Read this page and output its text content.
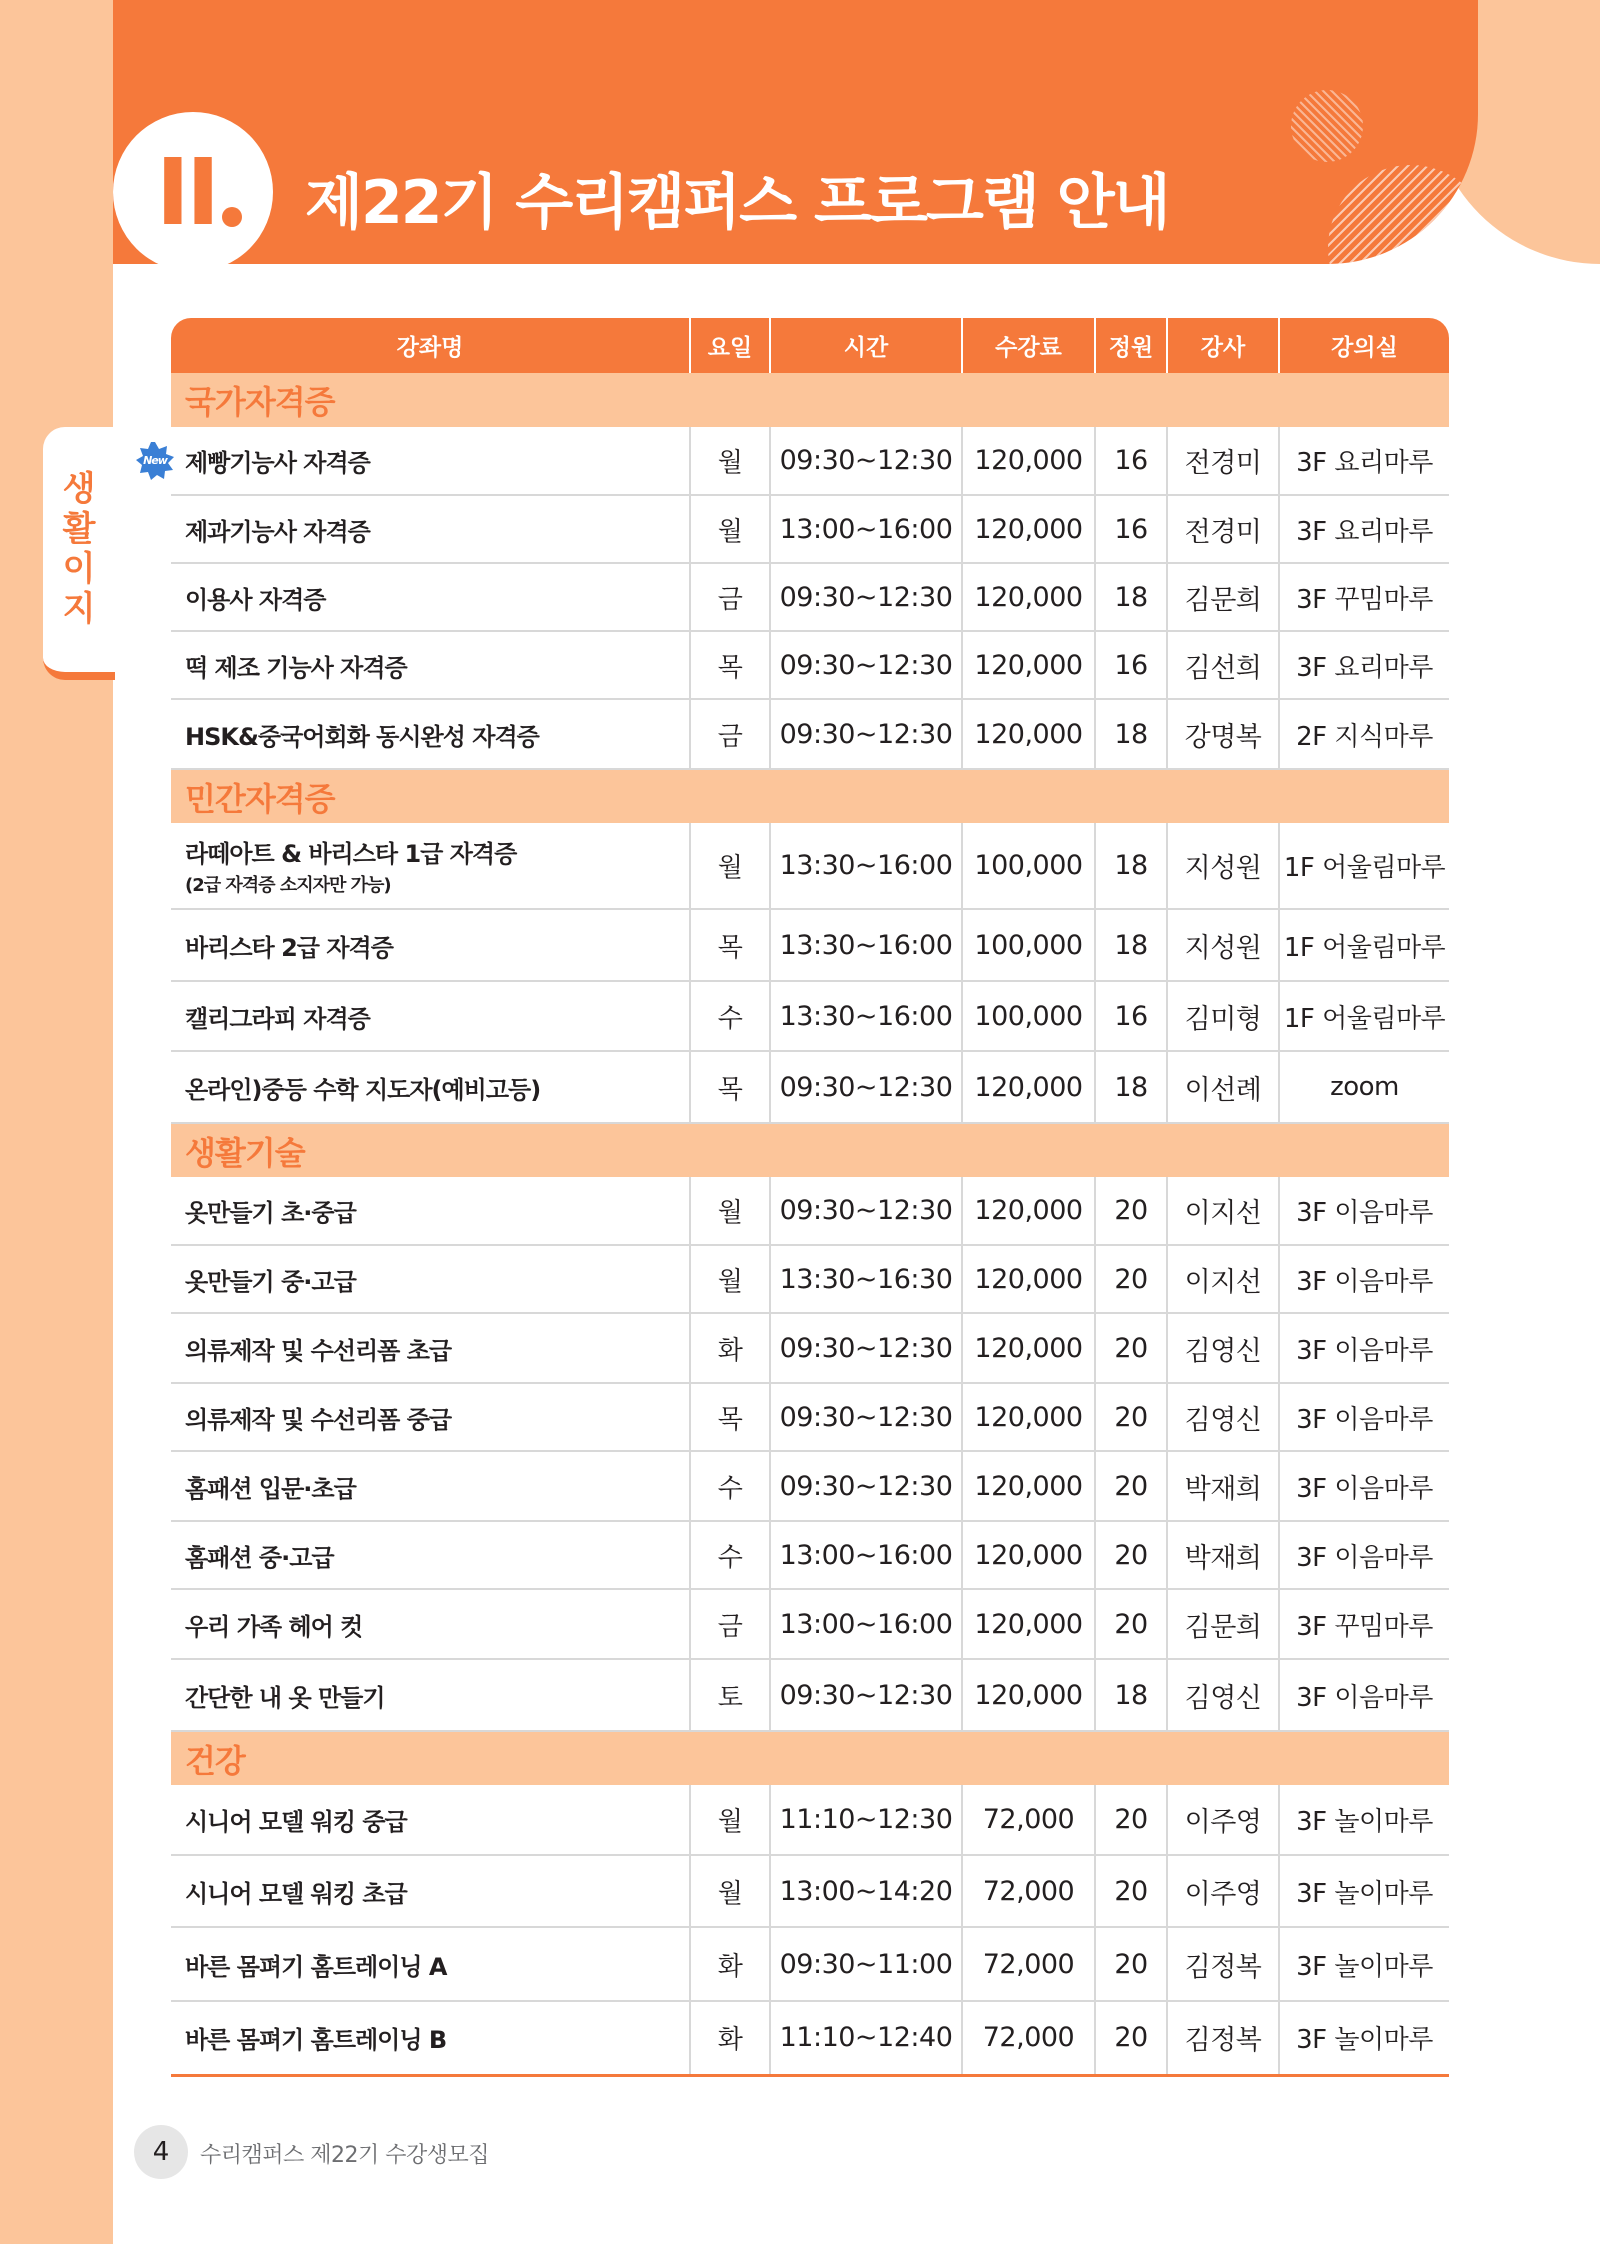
II 제22기 수리캠퍼스 프로그램 안내
생
활
이
지
강좌명	요일	시간	수강료	정원	강사	강의실
국가자격증						

New 제빵기능사 자격증	월	09:30~12:30	120,000	16	전경미	3F 요리마루
제과기능사 자격증	월	13:00~16:00	120,000	16	전경미	3F 요리마루
이용사 자격증	금	09:30~12:30	120,000	18	김문희	3F 꾸밈마루
떡 제조 기능사 자격증	목	09:30~12:30	120,000	16	김선희	3F 요리마루
HSK&중국어회화 동시완성 자격증	금	09:30~12:30	120,000	18	강명복	2F 지식마루
민간자격증						
라떼아트 & 바리스타 1급 자격증
(2급 자격증 소지자만 가능)	월	13:30~16:00	100,000	18	지성원	1F 어울림마루
바리스타 2급 자격증	목	13:30~16:00	100,000	18	지성원	1F 어울림마루
캘리그라피 자격증	수	13:30~16:00	100,000	16	김미형	1F 어울림마루
온라인)중등 수학 지도자(예비고등)	목	09:30~12:30	120,000	18	이선례	zoom
생활기술						
옷만들기 초·중급	월	09:30~12:30	120,000	20	이지선	3F 이음마루
옷만들기 중·고급	월	13:30~16:30	120,000	20	이지선	3F 이음마루
의류제작 및 수선리폼 초급	화	09:30~12:30	120,000	20	김영신	3F 이음마루
의류제작 및 수선리폼 중급	목	09:30~12:30	120,000	20	김영신	3F 이음마루
홈패션 입문·초급	수	09:30~12:30	120,000	20	박재희	3F 이음마루
홈패션 중·고급	수	13:00~16:00	120,000	20	박재희	3F 이음마루
우리 가족 헤어 컷	금	13:00~16:00	120,000	20	김문희	3F 꾸밈마루
간단한 내 옷 만들기	토	09:30~12:30	120,000	18	김영신	3F 이음마루
건강						
시니어 모델 워킹 중급	월	11:10~12:30	72,000	20	이주영	3F 놀이마루
시니어 모델 워킹 초급	월	13:00~14:20	72,000	20	이주영	3F 놀이마루
바른 몸펴기 홈트레이닝 A	화	09:30~11:00	72,000	20	김정복	3F 놀이마루
바른 몸펴기 홈트레이닝 B	화	11:10~12:40	72,000	20	김정복	3F 놀이마루
4	수리캠퍼스 제22기 수강생모집
